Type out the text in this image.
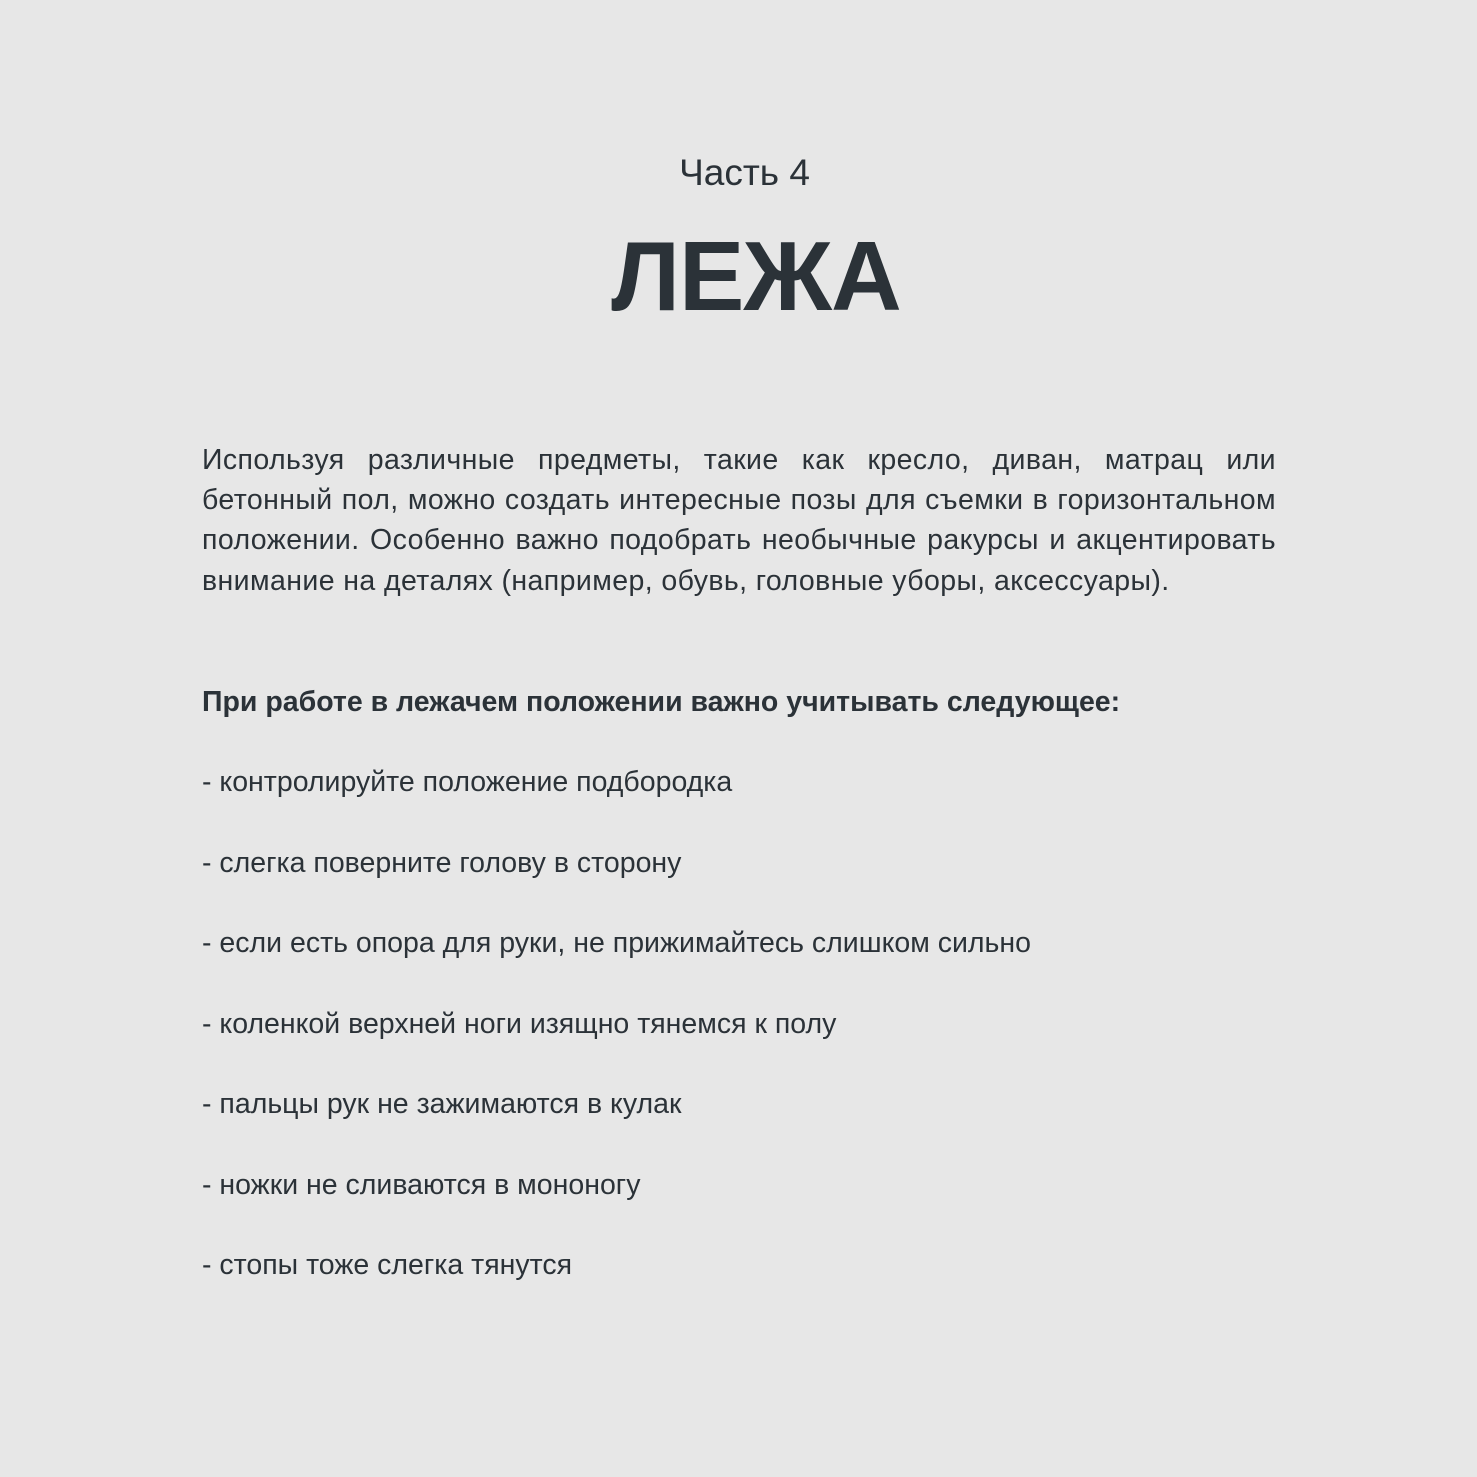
Часть 4
ЛЕЖА

Используя различные предметы, такие как кресло, диван, матрац или бетонный пол, можно создать интересные позы для съемки в горизонтальном положении. Особенно важно подобрать необычные ракурсы и акцентировать внимание на деталях (например, обувь, головные уборы, аксессуары).

При работе в лежачем положении важно учитывать следующее:
- контролируйте положение подбородка
- слегка поверните голову в сторону
- если есть опора для руки, не прижимайтесь слишком сильно
- коленкой верхней ноги изящно тянемся к полу
- пальцы рук не зажимаются в кулак
- ножки не сливаются в мононогу
- стопы тоже слегка тянутся
